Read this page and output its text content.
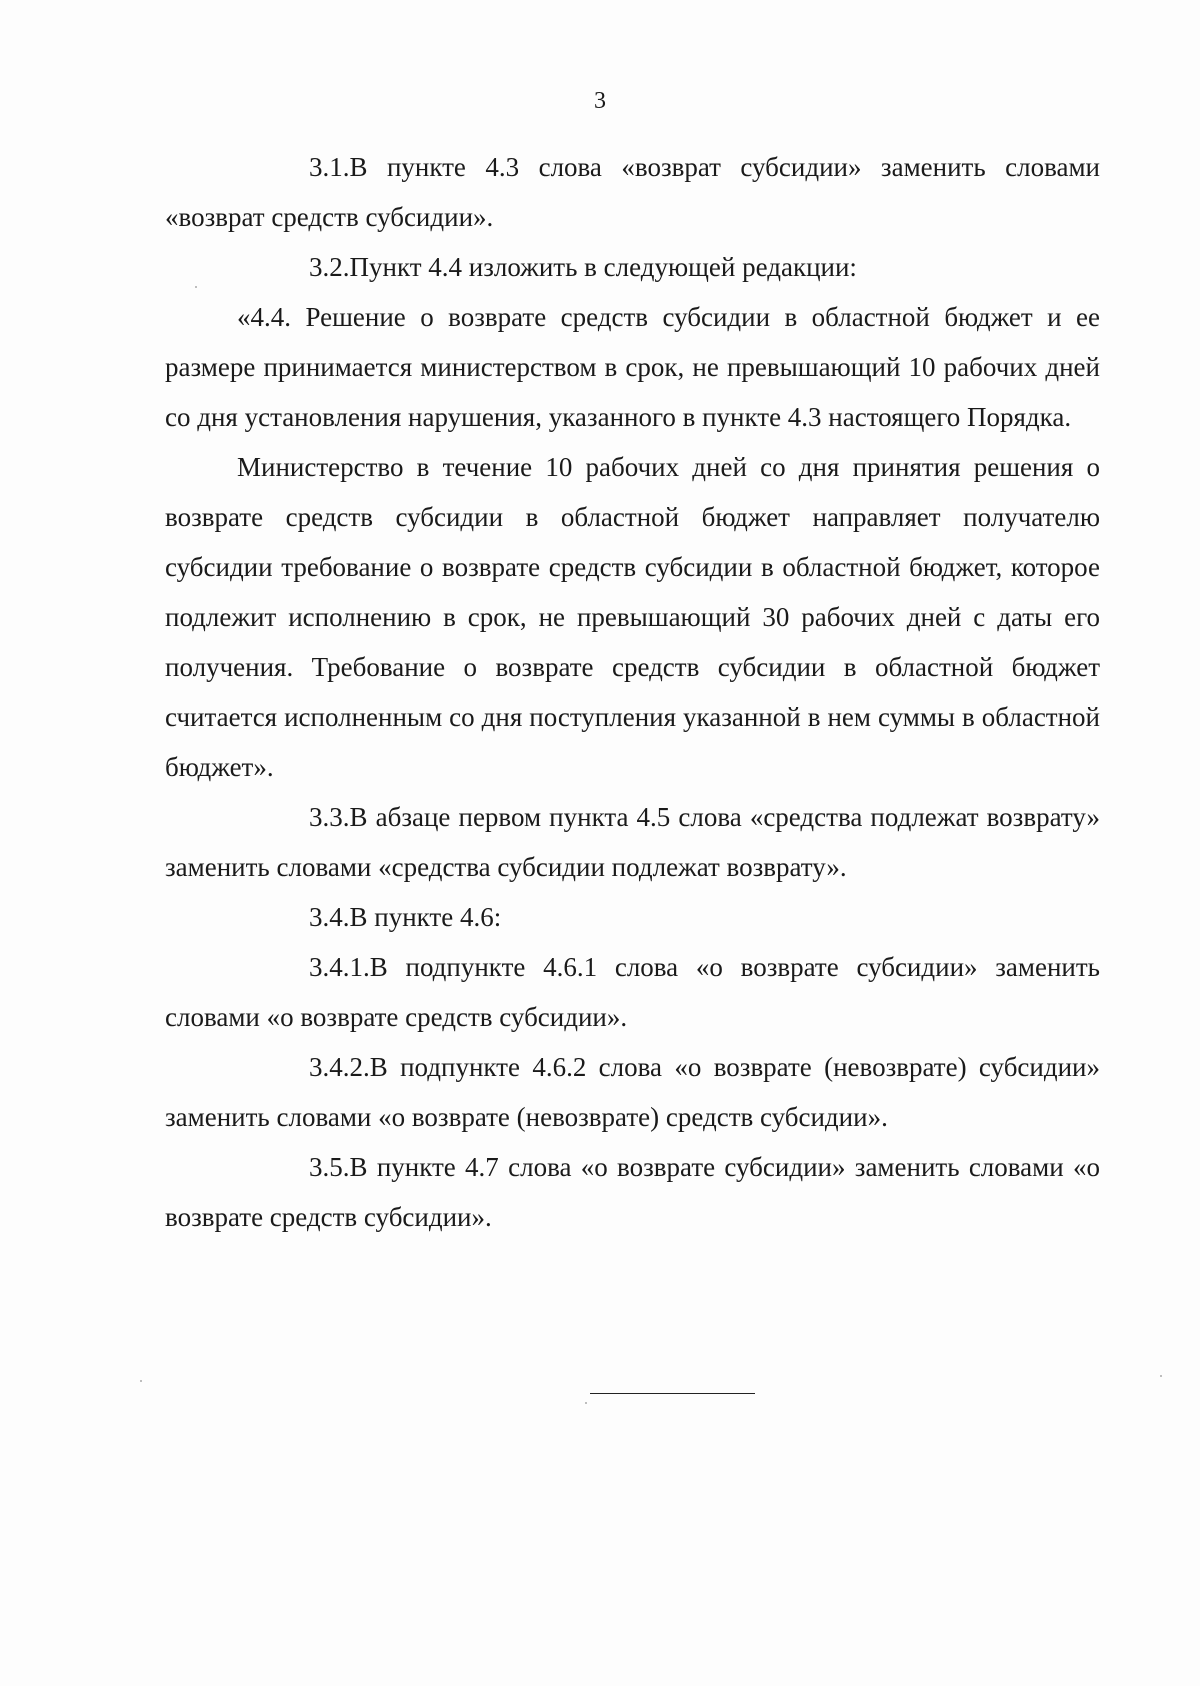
3

3.1.В пункте 4.3 слова «возврат субсидии» заменить словами «возврат средств субсидии».

3.2.Пункт 4.4 изложить в следующей редакции:

«4.4. Решение о возврате средств субсидии в областной бюджет и ее размере принимается министерством в срок, не превышающий 10 рабочих дней со дня установления нарушения, указанного в пункте 4.3 настоящего Порядка.

Министерство в течение 10 рабочих дней со дня принятия решения о возврате средств субсидии в областной бюджет направляет получателю субсидии требование о возврате средств субсидии в областной бюджет, которое подлежит исполнению в срок, не превышающий 30 рабочих дней с даты его получения. Требование о возврате средств субсидии в областной бюджет считается исполненным со дня поступления указанной в нем суммы в областной бюджет».

3.3.В абзаце первом пункта 4.5 слова «средства подлежат возврату» заменить словами «средства субсидии подлежат возврату».

3.4.В пункте 4.6:

3.4.1.В подпункте 4.6.1 слова «о возврате субсидии» заменить словами «о возврате средств субсидии».

3.4.2.В подпункте 4.6.2 слова «о возврате (невозврате) субсидии» заменить словами «о возврате (невозврате) средств субсидии».

3.5.В пункте 4.7 слова «о возврате субсидии» заменить словами «о возврате средств субсидии».
